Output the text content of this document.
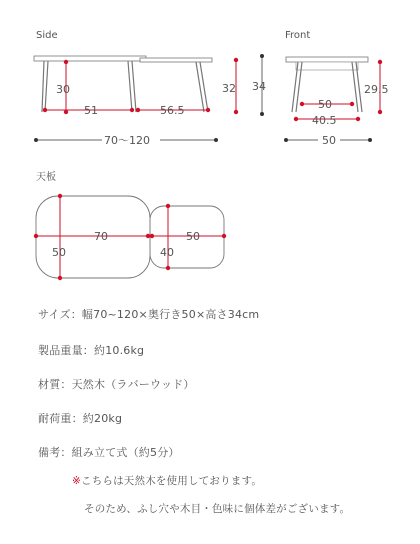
Side
30
51	56.5
32 34
70〜120
Front
50
40.5
29.5
50
天板
70
50
50
40
サイズ：幅70~120×奥行き50×高さ34cm
製品重量：約10.6kg
材質：天然木（ラバーウッド）
耐荷重：約20kg
備考：組み立て式（約5分）
※こちらは天然木を使用しております。
そのため、ふし穴や木目・色味に個体差がございます。
